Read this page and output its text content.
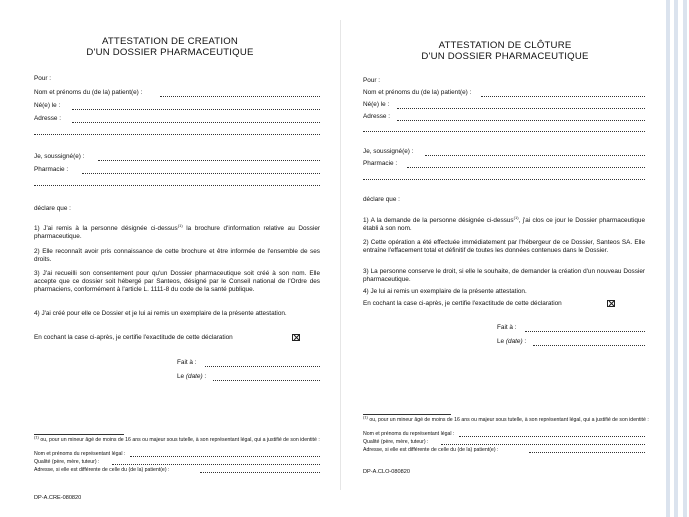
ATTESTATION DE CREATION
D'UN DOSSIER PHARMACEUTIQUE
Pour :
Nom et prénoms du (de la) patient(e) :
Né(e) le :
Adresse :
Je, soussigné(e) :
Pharmacie :
déclare que :
1) J'ai remis à la personne désignée ci-dessus$^{(1)}$ la brochure d'information relative au Dossier pharmaceutique.
2) Elle reconnaît avoir pris connaissance de cette brochure et être informée de l'ensemble de ses droits.
3) J'ai recueilli son consentement pour qu'un Dossier pharmaceutique soit créé à son nom. Elle accepte que ce dossier soit hébergé par Santeos, désigné par le Conseil national de l'Ordre des pharmaciens, conformément à l'article L. 1111-8 du code de la santé publique.
4) J'ai créé pour elle ce Dossier et je lui ai remis un exemplaire de la présente attestation.
En cochant la case ci-après, je certifie l'exactitude de cette déclaration
Fait à :
Le (date) :
$^{(1)}$ ou, pour un mineur âgé de moins de 16 ans ou majeur sous tutelle, à son représentant légal, qui a justifié de son identité :
Nom et prénoms du représentant légal :
Qualité (père, mère, tuteur) :
Adresse, si elle est différente de celle du (de la) patient(e) :
DP-A.CRE-080820
ATTESTATION DE CLÔTURE
D'UN DOSSIER PHARMACEUTIQUE
Pour :
Nom et prénoms du (de la) patient(e) :
Né(e) le :
Adresse :
Je, soussigné(e) :
Pharmacie :
déclare que :
1) A la demande de la personne désignée ci-dessus$^{(1)}$, j'ai clos ce jour le Dossier pharmaceutique établi à son nom.
2) Cette opération a été effectuée immédiatement par l'hébergeur de ce Dossier, Santeos SA. Elle entraîne l'effacement total et définitif de toutes les données contenues dans le Dossier.
3) La personne conserve le droit, si elle le souhaite, de demander la création d'un nouveau Dossier pharmaceutique.
4) Je lui ai remis un exemplaire de la présente attestation.
En cochant la case ci-après, je certifie l'exactitude de cette déclaration
Fait à :
Le (date) :
$^{(1)}$ ou, pour un mineur âgé de moins de 16 ans ou majeur sous tutelle, à son représentant légal, qui a justifié de son identité :
Nom et prénoms du représentant légal :
Qualité (père, mère, tuteur) :
Adresse, si elle est différente de celle du (de la) patient(e) :
DP-A.CLO-080820
